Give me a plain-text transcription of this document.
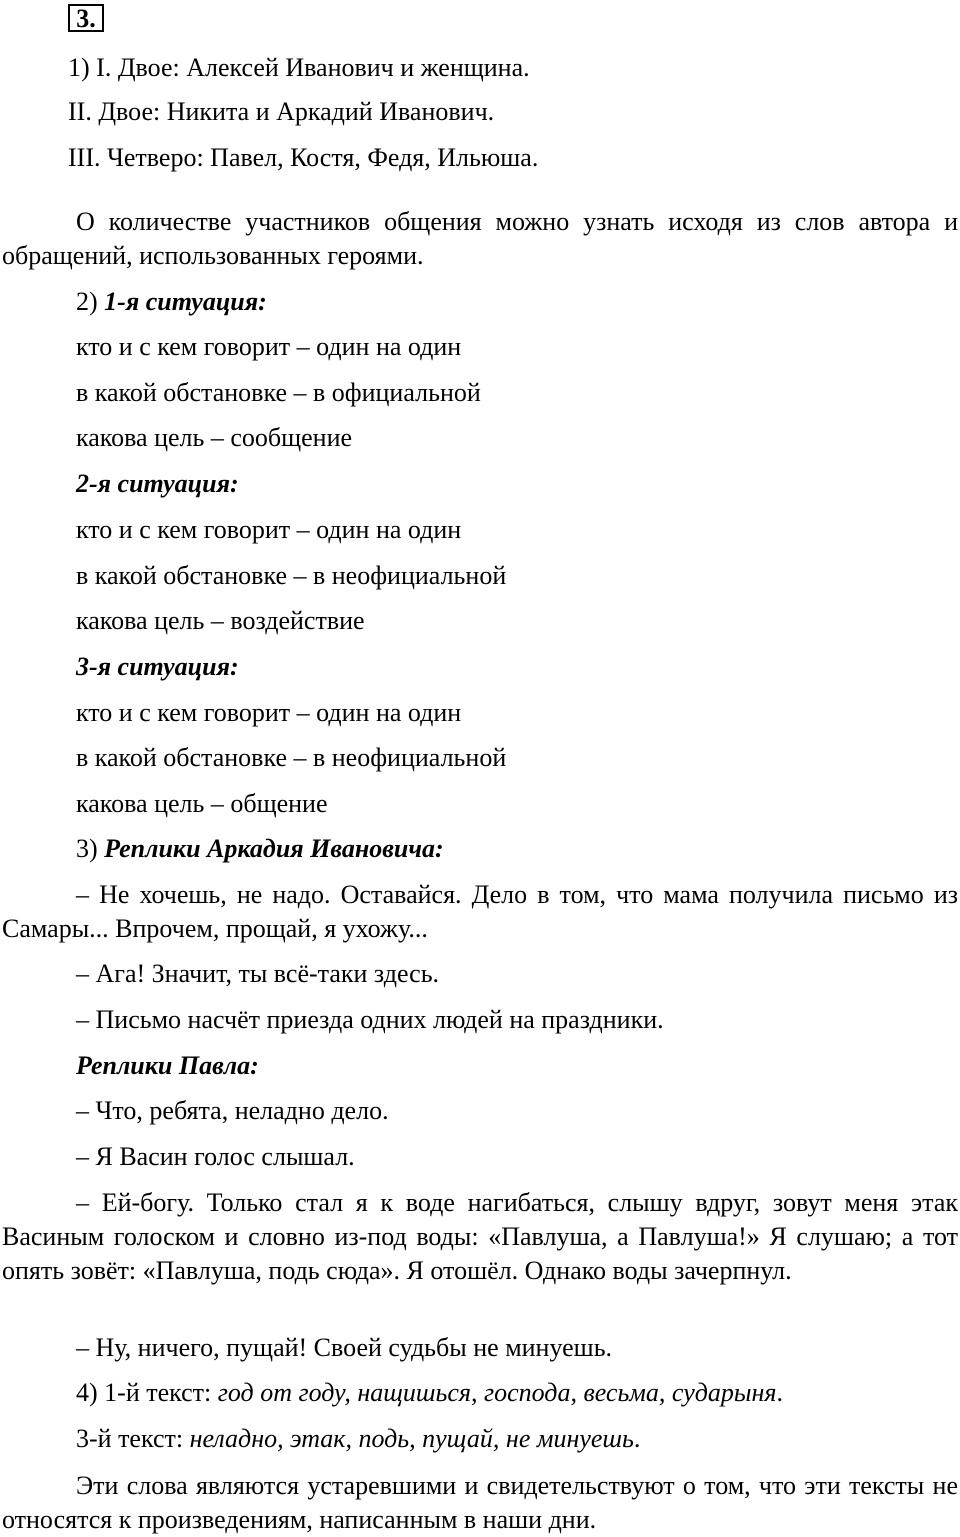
3.

1) I. Двое: Алексей Иванович и женщина.

II. Двое: Никита и Аркадий Иванович.

III. Четверо: Павел, Костя, Федя, Ильюша.

О количестве участников общения можно узнать исходя из слов автора и обращений, использованных героями.

2) 1-я ситуация:

кто и с кем говорит – один на один

в какой обстановке – в официальной

какова цель – сообщение

2-я ситуация:

кто и с кем говорит – один на один

в какой обстановке – в неофициальной

какова цель – воздействие

3-я ситуация:

кто и с кем говорит – один на один

в какой обстановке – в неофициальной

какова цель – общение

3) Реплики Аркадия Ивановича:

– Не хочешь, не надо. Оставайся. Дело в том, что мама получила письмо из Самары... Впрочем, прощай, я ухожу...

– Ага! Значит, ты всё-таки здесь.

– Письмо насчёт приезда одних людей на праздники.

Реплики Павла:

– Что, ребята, неладно дело.

– Я Васин голос слышал.

– Ей-богу. Только стал я к воде нагибаться, слышу вдруг, зовут меня этак Васиным голоском и словно из-под воды: «Павлуша, а Павлуша!» Я слушаю; а тот опять зовёт: «Павлуша, подь сюда». Я отошёл. Однако воды зачерпнул.

– Ну, ничего, пущай! Своей судьбы не минуешь.

4) 1-й текст: год от году, нащишься, господа, весьма, сударыня.

3-й текст: неладно, этак, подь, пущай, не минуешь.

Эти слова являются устаревшими и свидетельствуют о том, что эти тексты не относятся к произведениям, написанным в наши дни.
